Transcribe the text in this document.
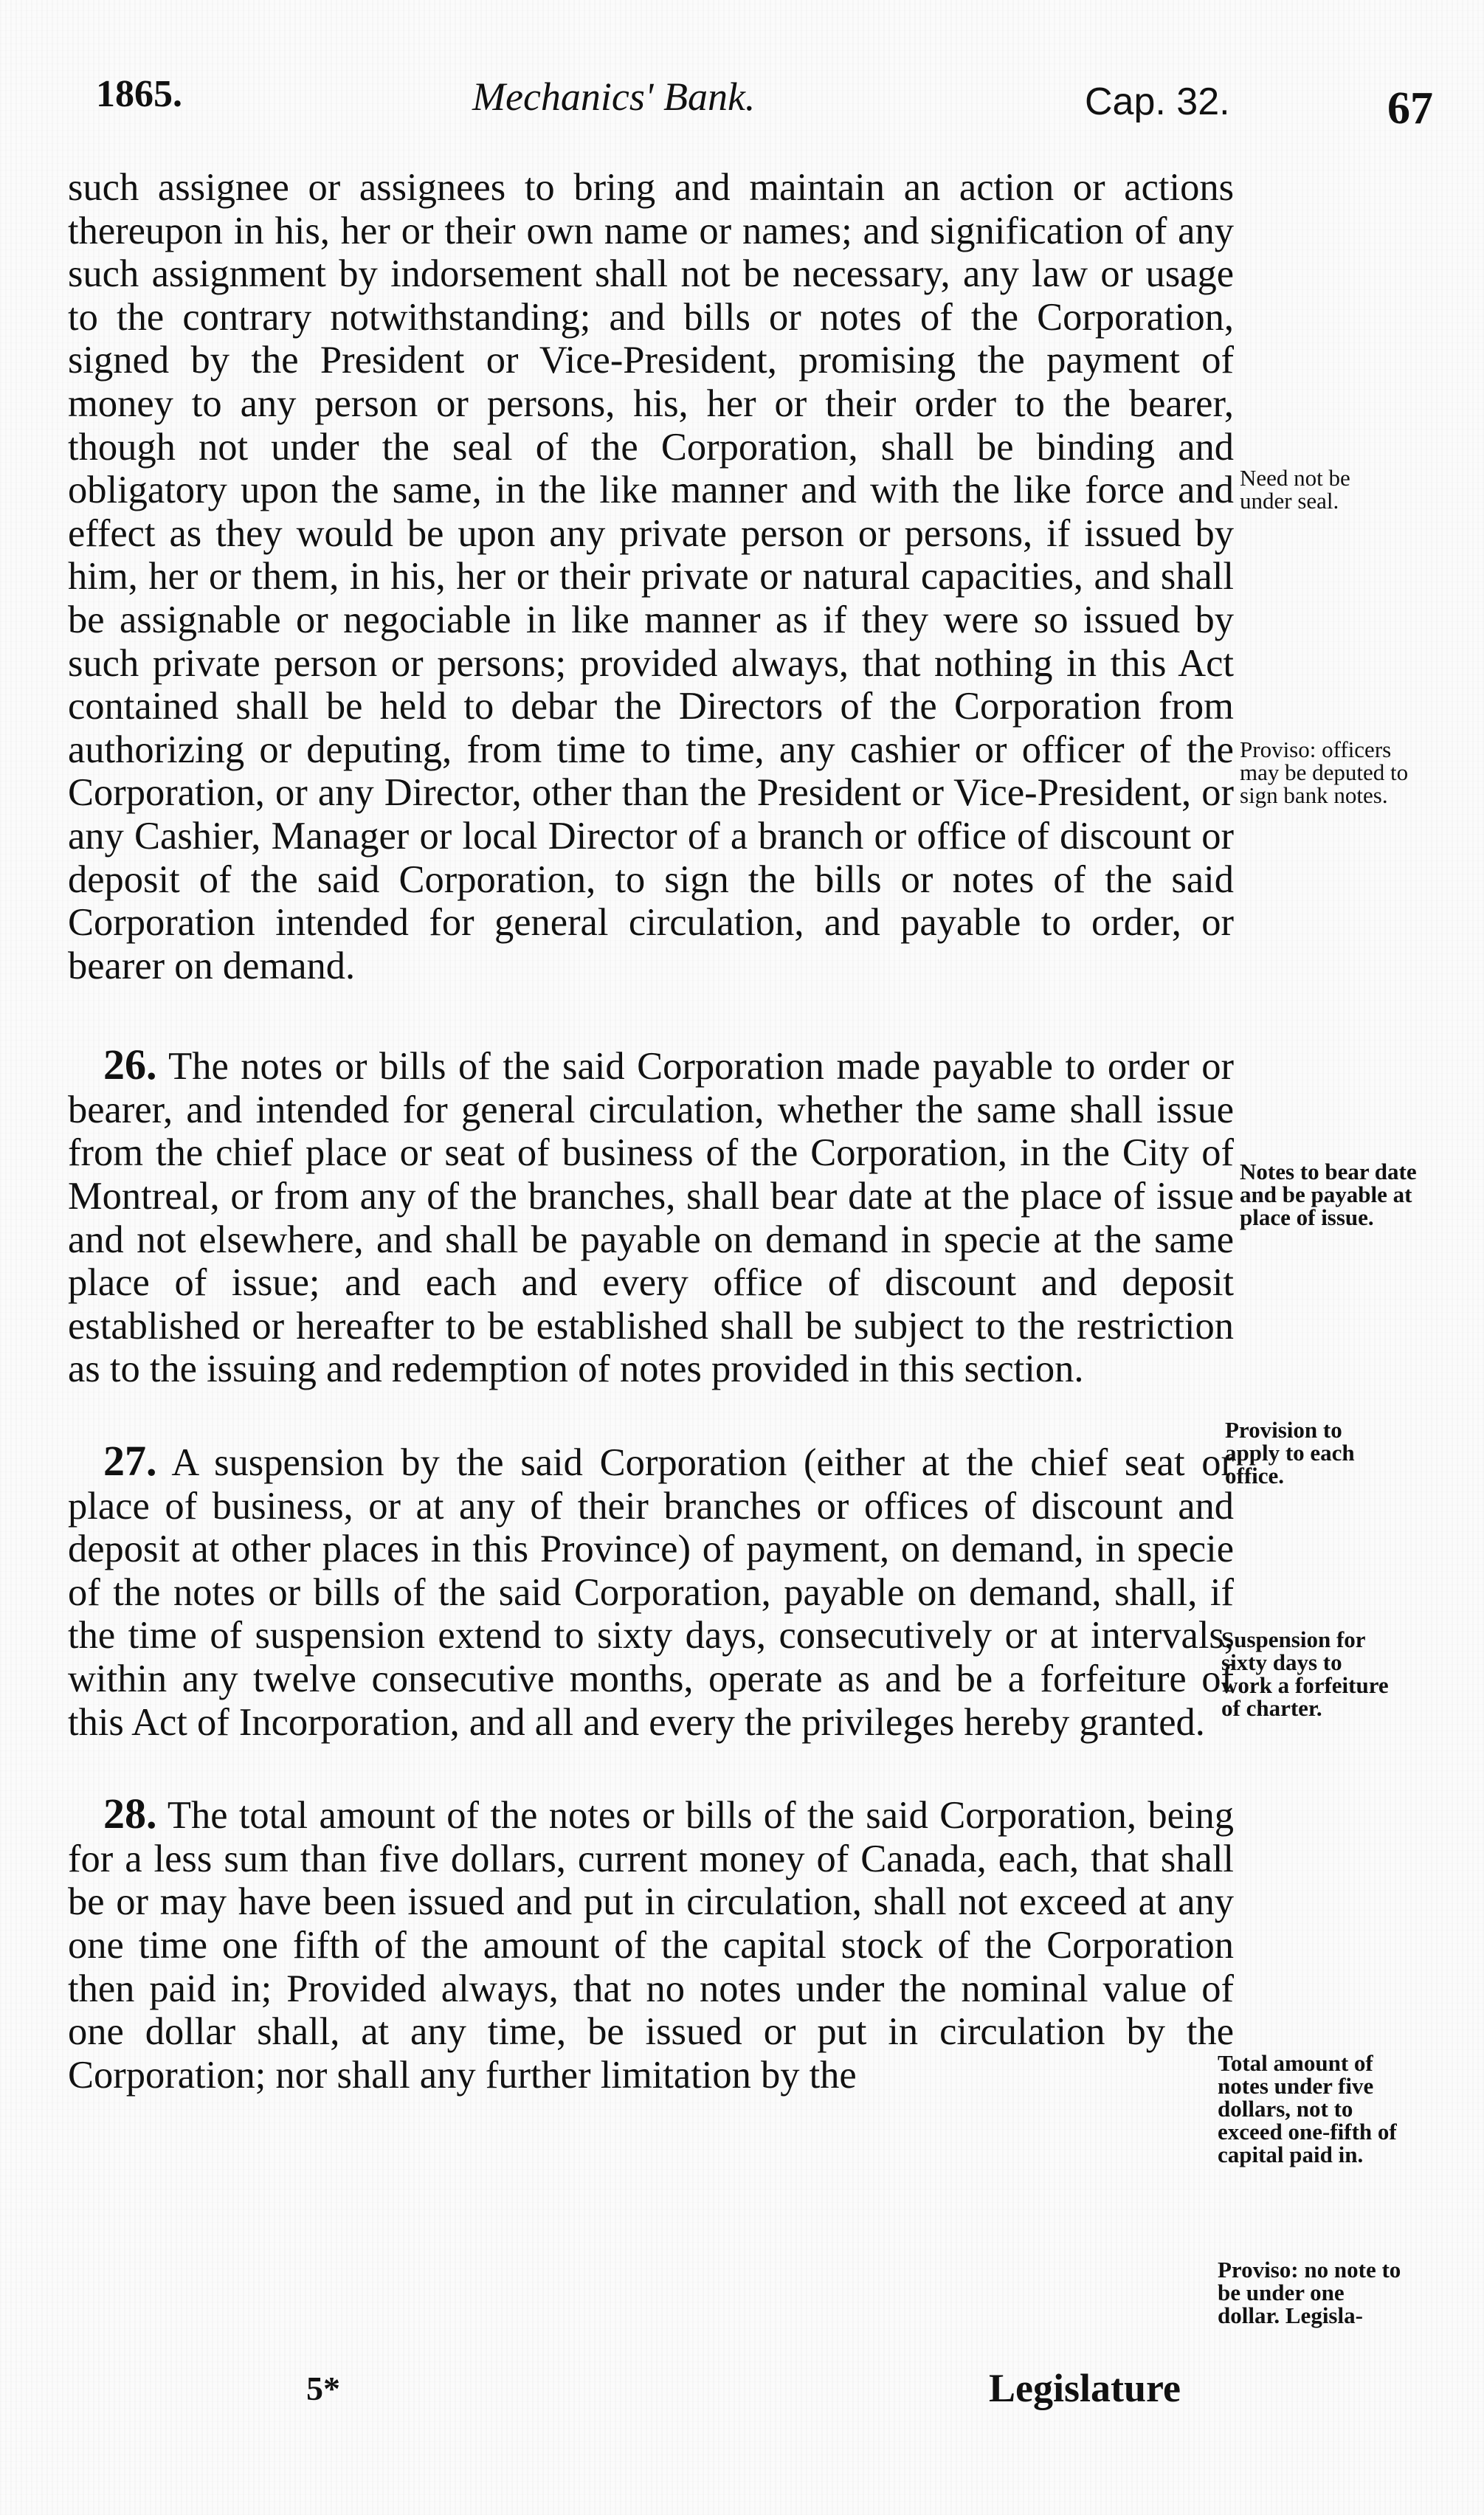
1865.	Mechanics' Bank.	Cap. 32.	67

such assignee or assignees to bring and maintain an action or actions thereupon in his, her or their own name or names; and signification of any such assignment by indorsement shall not be necessary, any law or usage to the contrary notwithstanding; and bills or notes of the Corporation, signed by the President or Vice-President, promising the payment of money to any person or persons, his, her or their order to the bearer, though not under the seal of the Corporation, shall be binding and obligatory upon the same, in the like manner and with the like force and effect as they would be upon any private person or persons, if issued by him, her or them, in his, her or their private or natural capacities, and shall be assignable or negociable in like manner as if they were so issued by such private person or persons; provided always, that nothing in this Act contained shall be held to debar the Directors of the Corporation from authorizing or deputing, from time to time, any cashier or officer of the Corporation, or any Director, other than the President or Vice-President, or any Cashier, Manager or local Director of a branch or office of discount or deposit of the said Corporation, to sign the bills or notes of the said Corporation intended for general circulation, and payable to order, or bearer on demand.

26. The notes or bills of the said Corporation made payable to order or bearer, and intended for general circulation, whether the same shall issue from the chief place or seat of business of the Corporation, in the City of Montreal, or from any of the branches, shall bear date at the place of issue and not elsewhere, and shall be payable on demand in specie at the same place of issue; and each and every office of discount and deposit established or hereafter to be established shall be subject to the restriction as to the issuing and redemption of notes provided in this section.

27. A suspension by the said Corporation (either at the chief seat or place of business, or at any of their branches or offices of discount and deposit at other places in this Province) of payment, on demand, in specie of the notes or bills of the said Corporation, payable on demand, shall, if the time of suspension extend to sixty days, consecutively or at intervals, within any twelve consecutive months, operate as and be a forfeiture of this Act of Incorporation, and all and every the privileges hereby granted.

28. The total amount of the notes or bills of the said Corporation, being for a less sum than five dollars, current money of Canada, each, that shall be or may have been issued and put in circulation, shall not exceed at any one time one fifth of the amount of the capital stock of the Corporation then paid in; Provided always, that no notes under the nominal value of one dollar shall, at any time, be issued or put in circulation by the Corporation; nor shall any further limitation by the

Need not be under seal.
Proviso: officers may be deputed to sign bank notes.
Notes to bear date and be payable at place of issue.
Provision to apply to each office.
Suspension for sixty days to work a forfeiture of charter.
Total amount of notes under five dollars, not to exceed one-fifth of capital paid in.
Proviso: no note to be under one dollar. Legisla-
5*	Legislature
